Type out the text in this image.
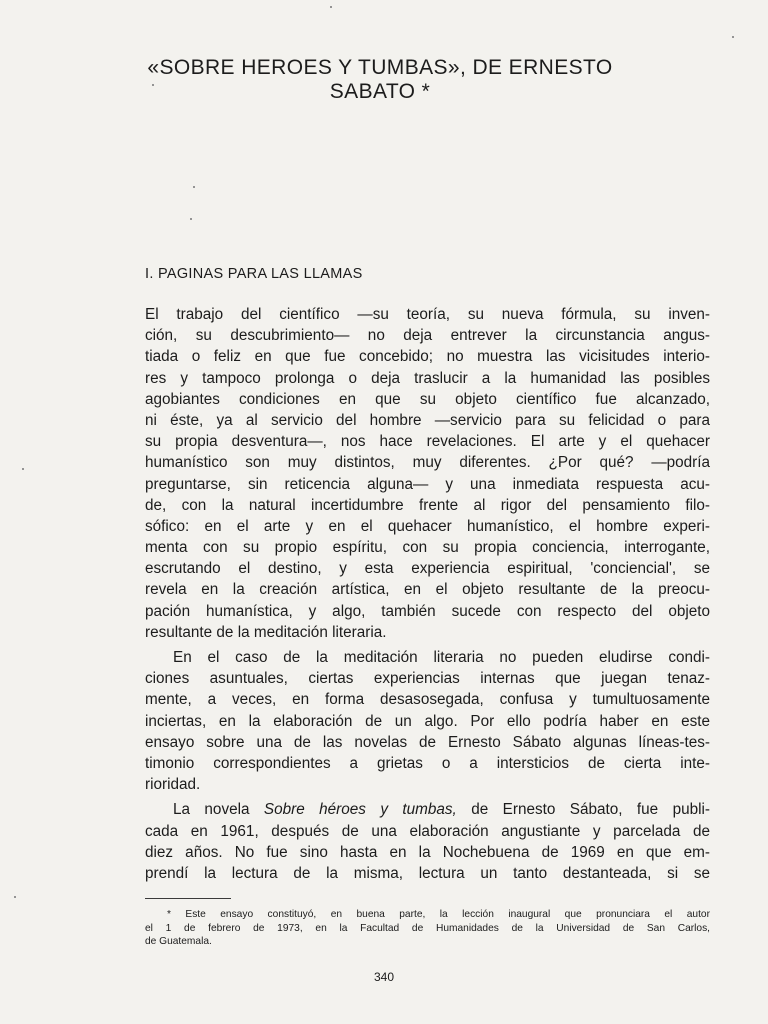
«SOBRE HEROES Y TUMBAS», DE ERNESTO
SABATO *
I. PAGINAS PARA LAS LLAMAS
El trabajo del científico —su teoría, su nueva fórmula, su inven-
ción, su descubrimiento— no deja entrever la circunstancia angus-
tiada o feliz en que fue concebido; no muestra las vicisitudes interio-
res y tampoco prolonga o deja traslucir a la humanidad las posibles
agobiantes condiciones en que su objeto científico fue alcanzado,
ni éste, ya al servicio del hombre —servicio para su felicidad o para
su propia desventura—, nos hace revelaciones. El arte y el quehacer
humanístico son muy distintos, muy diferentes. ¿Por qué? —podría
preguntarse, sin reticencia alguna— y una inmediata respuesta acu-
de, con la natural incertidumbre frente al rigor del pensamiento filo-
sófico: en el arte y en el quehacer humanístico, el hombre experi-
menta con su propio espíritu, con su propia conciencia, interrogante,
escrutando el destino, y esta experiencia espiritual, 'conciencial', se
revela en la creación artística, en el objeto resultante de la preocu-
pación humanística, y algo, también sucede con respecto del objeto
resultante de la meditación literaria.
En el caso de la meditación literaria no pueden eludirse condi-
ciones asuntuales, ciertas experiencias internas que juegan tenaz-
mente, a veces, en forma desasosegada, confusa y tumultuosamente
inciertas, en la elaboración de un algo. Por ello podría haber en este
ensayo sobre una de las novelas de Ernesto Sábato algunas líneas-tes-
timonio correspondientes a grietas o a intersticios de cierta inte-
rioridad.
La novela Sobre héroes y tumbas, de Ernesto Sábato, fue publi-
cada en 1961, después de una elaboración angustiante y parcelada de
diez años. No fue sino hasta en la Nochebuena de 1969 en que em-
prendí la lectura de la misma, lectura un tanto destanteada, si se
* Este ensayo constituyó, en buena parte, la lección inaugural que pronunciara el autor
el 1 de febrero de 1973, en la Facultad de Humanidades de la Universidad de San Carlos,
de Guatemala.
340
